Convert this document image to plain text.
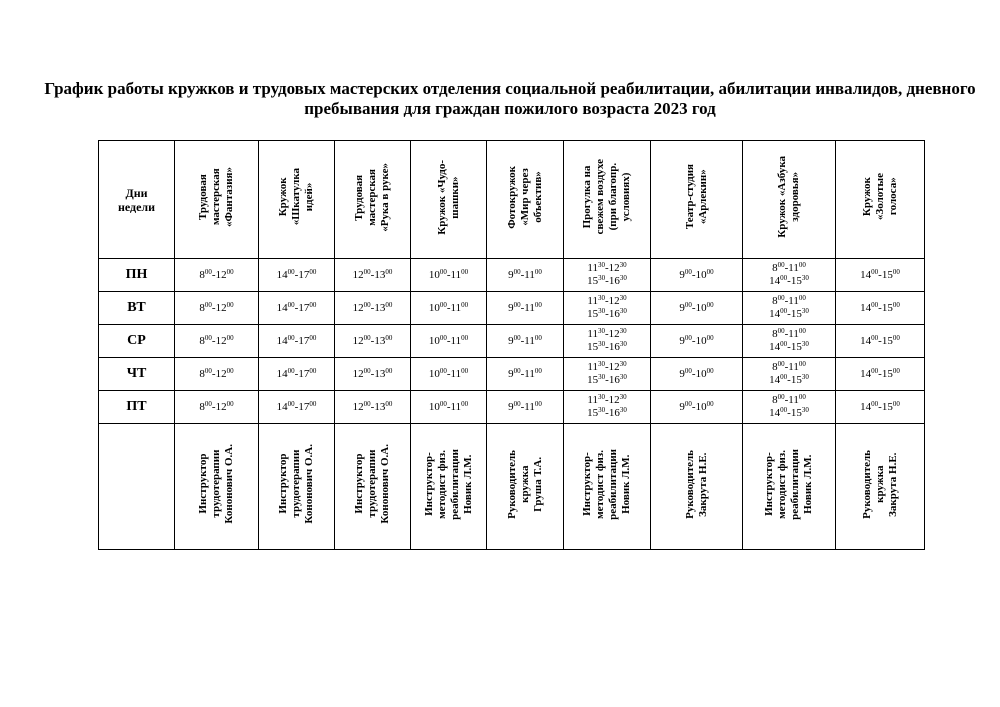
График работы кружков и трудовых мастерских отделения социальной реабилитации, абилитации инвалидов, дневного пребывания для граждан пожилого возраста 2023 год
Дни
недели	Трудовая
мастерская
«Фантазия»	Кружок
«Шкатулка
идей»	Трудовая
мастерская
«Рука в руке»	Кружок «Чудо-
шашки»	Фотокружок
«Мир через
объектив»	Прогулка на
свежем воздухе
(при благопр.
условиях)	Театр-студия
«Арлекин»	Кружок «Азбука
здоровья»	Кружок
«Золотые
голоса»
ПН	$8^{00}-12^{00}$	$14^{00}-17^{00}$	$12^{00}-13^{00}$	$10^{00}-11^{00}$	$9^{00}-11^{00}$	$11^{30}-12^{30}$
$15^{30}-16^{30}$	$9^{00}-10^{00}$	$8^{00}-11^{00}$
$14^{00}-15^{30}$	$14^{00}-15^{00}$
ВТ	$8^{00}-12^{00}$	$14^{00}-17^{00}$	$12^{00}-13^{00}$	$10^{00}-11^{00}$	$9^{00}-11^{00}$	$11^{30}-12^{30}$
$15^{30}-16^{30}$	$9^{00}-10^{00}$	$8^{00}-11^{00}$
$14^{00}-15^{30}$	$14^{00}-15^{00}$
СР	$8^{00}-12^{00}$	$14^{00}-17^{00}$	$12^{00}-13^{00}$	$10^{00}-11^{00}$	$9^{00}-11^{00}$	$11^{30}-12^{30}$
$15^{30}-16^{30}$	$9^{00}-10^{00}$	$8^{00}-11^{00}$
$14^{00}-15^{30}$	$14^{00}-15^{00}$
ЧТ	$8^{00}-12^{00}$	$14^{00}-17^{00}$	$12^{00}-13^{00}$	$10^{00}-11^{00}$	$9^{00}-11^{00}$	$11^{30}-12^{30}$
$15^{30}-16^{30}$	$9^{00}-10^{00}$	$8^{00}-11^{00}$
$14^{00}-15^{30}$	$14^{00}-15^{00}$
ПТ	$8^{00}-12^{00}$	$14^{00}-17^{00}$	$12^{00}-13^{00}$	$10^{00}-11^{00}$	$9^{00}-11^{00}$	$11^{30}-12^{30}$
$15^{30}-16^{30}$	$9^{00}-10^{00}$	$8^{00}-11^{00}$
$14^{00}-15^{30}$	$14^{00}-15^{00}$
	Инструктор
трудотерапии
Кононович О.А.	Инструктор
трудотерапии
Кононович О.А.	Инструктор
трудотерапии
Кононович О.А.	Инструктор-
методист физ.
реабилитации
Новик Л.М.	Руководитель
кружка
Груша Т.А.	Инструктор-
методист физ.
реабилитации
Новик Л.М.	Руководитель
Закрута Н.Е.	Инструктор-
методист физ.
реабилитации
Новик Л.М.	Руководитель
кружка
Закрута Н.Е.
